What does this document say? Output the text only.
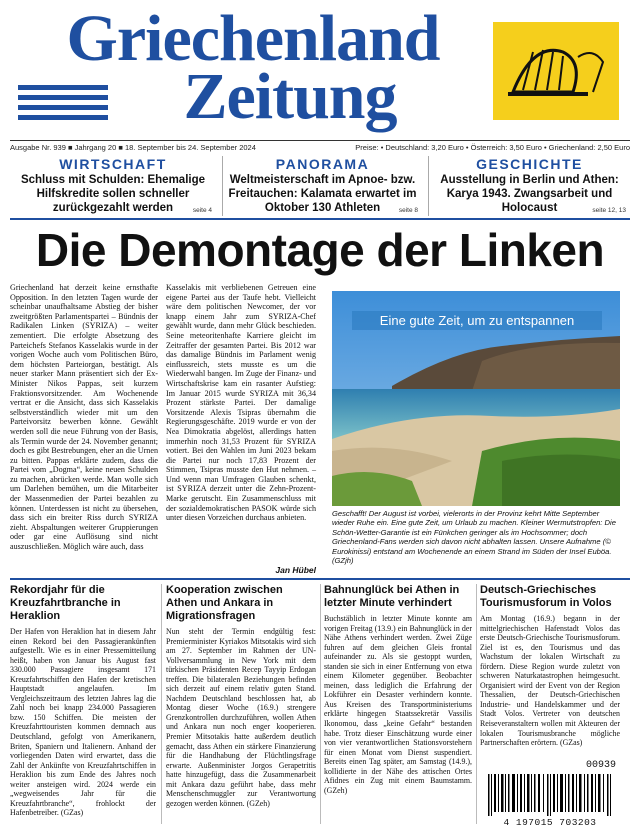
Griechenland
Zeitung
Ausgabe Nr. 939 ■ Jahrgang 20 ■ 18. September bis 24. September 2024	Preise: • Deutschland: 3,20 Euro • Österreich: 3,50 Euro • Griechenland: 2,50 Euro
WIRTSCHAFT
Schluss mit Schulden: Ehemalige Hilfskredite sollen schneller zurückgezahlt werden	seite 4
PANORAMA
Weltmeisterschaft im Apnoe- bzw. Freitauchen: Kalamata erwartet im Oktober 130 Athleten	seite 8
GESCHICHTE
Ausstellung in Berlin und Athen: Karya 1943. Zwangsarbeit und Holocaust	seite 12, 13
Die Demontage der Linken
Griechenland hat derzeit keine ernsthafte Opposition. In den letzten Tagen wurde der scheinbar unaufhaltsame Abstieg der bisher zweitgrößten Parlamentspartei – Bündnis der Radikalen Linken (SYRIZA) – weiter zementiert. Die erfolgte Absetzung des Parteichefs Stefanos Kasselakis wurde in der vorigen Woche auch vom Politischen Büro, dem höchsten Parteiorgan, bestätigt. Als neuer starker Mann präsentiert sich der Ex-Minister Nikos Pappas, seit kurzem Fraktionsvorsitzender. Am Wochenende vertrat er die Ansicht, dass sich Kasselakis selbstverständlich wieder mit um den Parteivorsitz bewerben könne. Gewählt werden soll die neue Führung von der Basis, als Termin wurde der 24. November genannt; doch es gibt Bestrebungen, eher an die Urnen zu bitten. Pappas erklärte zudem, dass die Partei vom „Dogma“, keine neuen Schulden zu machen, abrücken werde. Man wolle sich um Darlehen bemühen, um die Mitarbeiter der Massenmedien der Partei bezahlen zu können. Unterdessen ist nicht zu übersehen, dass sich ein breiter Riss durch SYRIZA zieht. Abspaltungen weiterer Gruppierungen oder gar eine Auflösung sind nicht auszuschließen. Möglich wäre auch, dass
Kasselakis mit verbliebenen Getreuen eine eigene Partei aus der Taufe hebt. Vielleicht wäre dem politischen Newcomer, der vor knapp einem Jahr zum SYRIZA-Chef gewählt wurde, dann mehr Glück beschieden. Seine meteoritenhafte Karriere gleicht im Zeitraffer der gesamten Partei. Bis 2012 war das damalige Bündnis im Parlament wenig einflussreich, stets musste es um die Wiederwahl bangen. Im Zuge der Finanz- und Wirtschaftskrise kam ein rasanter Aufstieg: Im Januar 2015 wurde SYRIZA mit 36,34 Prozent stärkste Partei. Der damalige Vorsitzende Alexis Tsipras übernahm die Regierungsgeschäfte. 2019 wurde er von der Nea Dimokratia abgelöst, allerdings hatten immerhin noch 31,53 Prozent für SYRIZA votiert. Bei den Wahlen im Juni 2023 bekam die Partei nur noch 17,83 Prozent der Stimmen, Tsipras musste den Hut nehmen. – Und wenn man Umfragen Glauben schenkt, ist SYRIZA derzeit unter die Zehn-Prozent-Marke gerutscht. Ein Zusammenschluss mit der sozialdemokratischen PASOK würde sich unter diesen Vorzeichen durchaus anbieten.
Jan Hübel
Eine gute Zeit, um zu entspannen
Geschafft! Der August ist vorbei, vielerorts in der Provinz kehrt Mitte September wieder Ruhe ein. Eine gute Zeit, um Urlaub zu machen. Kleiner Wermutstropfen: Die Schön-Wetter-Garantie ist ein Fünkchen geringer als im Hochsommer; doch Griechenland-Fans werden sich davon nicht abhalten lassen. Unsere Aufnahme (© Eurokinissi) entstand am Wochenende an einem Strand im Süden der Insel Euböa. (GZjh)
Rekordjahr für die Kreuzfahrtbranche in Heraklion

Der Hafen von Heraklion hat in diesem Jahr einen Rekord bei den Passagierankünften aufgestellt. Wie es in einer Pressemitteilung heißt, haben von Januar bis August fast 330.000 Passagiere insgesamt 171 Kreuzfahrtschiffen den Hafen der kretischen Hauptstadt angelaufen. Im Vergleichszeitraum des letzten Jahres lag die Zahl noch bei knapp 234.000 Passagieren bzw. 150 Schiffen. Die meisten der Kreuzfahrttouristen kommen demnach aus Deutschland, gefolgt von Amerikanern, Briten, Spaniern und Italienern. Anhand der vorliegenden Daten wird erwartet, dass die Zahl der Ankünfte von Kreuzfahrtschiffen in Heraklion bis zum Ende des Jahres noch weiter ansteigen wird. 2024 werde ein „wegweisendes Jahr für die Kreuzfahrtbranche“, frohlockt der Hafenbetreiber. (GZas)

Kooperation zwischen Athen und Ankara in Migrationsfragen

Nun steht der Termin endgültig fest: Premierminister Kyriakos Mitsotakis wird sich am 27. September im Rahmen der UN-Vollversammlung in New York mit dem türkischen Präsidenten Recep Tayyip Erdogan treffen. Die bilateralen Beziehungen befinden sich derzeit auf einem relativ guten Stand. Nachdem Deutschland beschlossen hat, ab Montag dieser Woche (16.9.) strengere Grenzkontrollen durchzuführen, wollen Athen und Ankara nun noch enger kooperieren. Premier Mitsotakis hatte außerdem deutlich gemacht, dass Athen ein stärkere Finanzierung für die Handhabung der Flüchtlingsfrage erwarte. Außenminister Jorgos Gerapetritis hatte hinzugefügt, dass die Zusammenarbeit mit Ankara dazu geführt habe, dass mehr Menschenschmuggler zur Verantwortung gezogen werden können. (GZeh)

Bahnunglück bei Athen in letzter Minute verhindert

Buchstäblich in letzter Minute konnte am vorigen Freitag (13.9.) ein Bahnunglück in der Nähe Athens verhindert werden. Zwei Züge fuhren auf dem gleichen Gleis frontal aufeinander zu. Als sie gestoppt wurden, standen sie sich in einer Entfernung von etwa einem Kilometer gegenüber. Beobachter meinen, dass lediglich die Erfahrung der Lokführer ein Desaster verhindern konnte. Aus Kreisen des Transportministeriums erklärte hingegen Staatssekretär Vassilis Ikonomou, dass „keine Gefahr“ bestanden habe. Trotz dieser Einschätzung wurde einer von vier verantwortlichen Stationsvorstehern für einen Monat vom Dienst suspendiert. Bereits einen Tag später, am Samstag (14.9.), kollidierte in der Nähe des attischen Ortes Afidnes ein Zug mit einem Baumstamm. (GZeh)

Deutsch-Griechisches Tourismusforum in Volos

Am Montag (16.9.) begann in der mittelgriechischen Hafenstadt Volos das erste Deutsch-Griechische Tourismusforum. Ziel ist es, den Tourismus und das Wachstum der lokalen Wirtschaft zu fördern. Diese Region wurde zuletzt von schweren Naturkatastrophen heimgesucht. Organisiert wird der Event von der Region Thessalien, der Deutsch-Griechischen Industrie- und Handelskammer und der Stadt Volos. Vertreter von deutschen Reiseveranstaltern wollen mit Akteuren der lokalen Tourismusbranche mögliche Partnerschaften erörtern. (GZas)

00939
4 197015 703203
